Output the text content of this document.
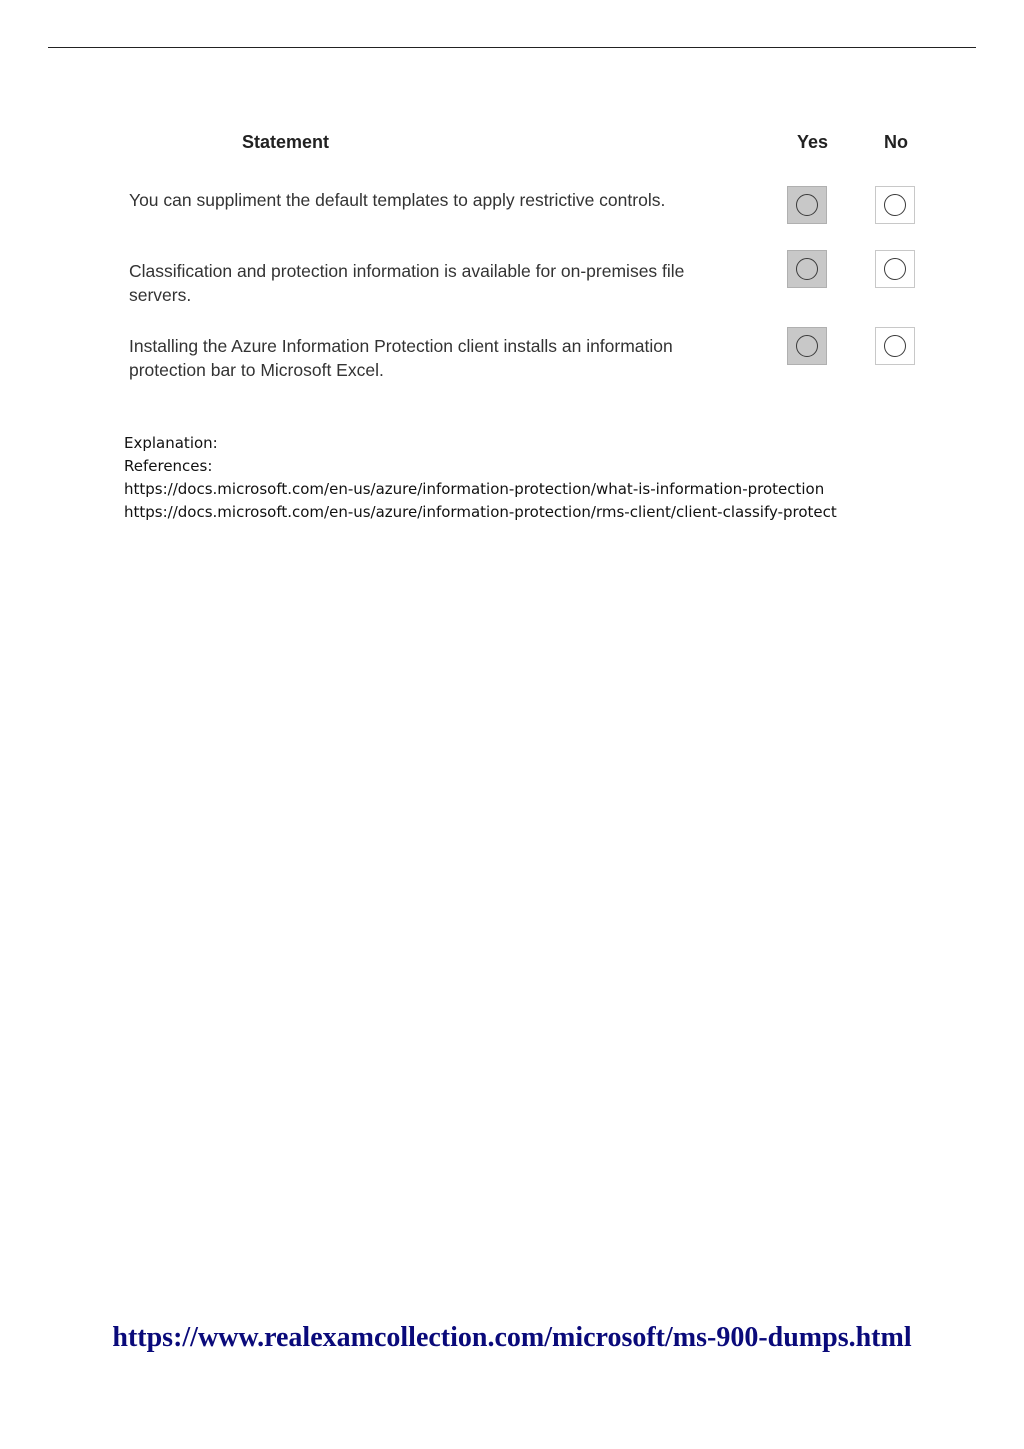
Statement	Yes	No
You can suppliment the default templates to apply restrictive controls.
Classification and protection information is available for on-premises file servers.
Installing the Azure Information Protection client installs an information protection bar to Microsoft Excel.
Explanation:
References:
https://docs.microsoft.com/en-us/azure/information-protection/what-is-information-protection
https://docs.microsoft.com/en-us/azure/information-protection/rms-client/client-classify-protect
https://www.realexamcollection.com/microsoft/ms-900-dumps.html
